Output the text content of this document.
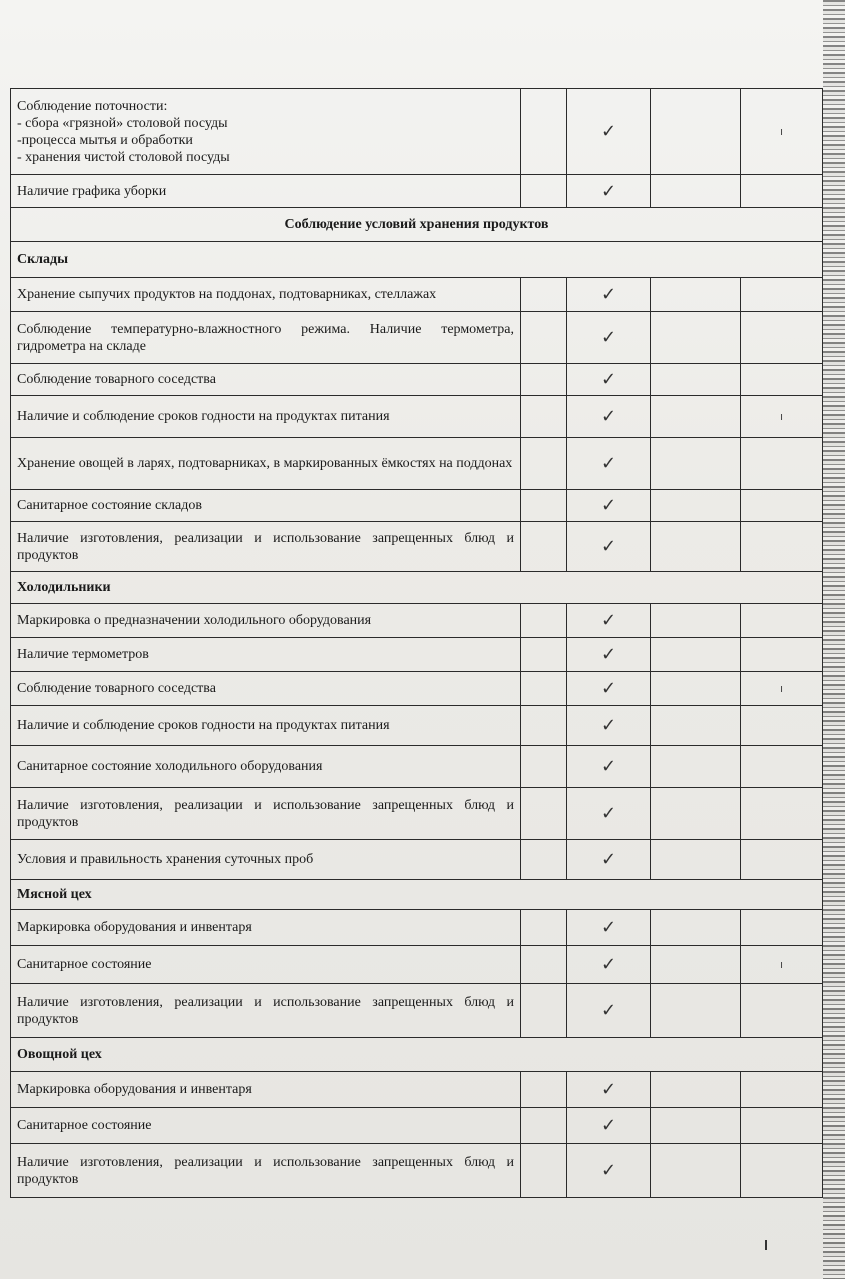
Соблюдение поточности:
- сбора «грязной» столовой посуды
-процесса мытья и обработки
- хранения чистой столовой посуды		✓		ı
Наличие графика уборки		✓		
Соблюдение условий хранения продуктов				
Склады				
Хранение сыпучих продуктов на поддонах, подтоварниках, стеллажах		✓		
Соблюдение температурно-влажностного режима. Наличие термометра, гидрометра на складе		✓		
Соблюдение товарного соседства		✓		
Наличие и соблюдение сроков годности на продуктах питания		✓		ı
Хранение овощей в ларях, подтоварниках, в маркированных ёмкостях на поддонах		✓		
Санитарное состояние складов		✓		
Наличие изготовления, реализации и использование запрещенных блюд и продуктов		✓		
Холодильники				
Маркировка о предназначении холодильного оборудования		✓		
Наличие термометров		✓		
Соблюдение товарного соседства		✓		ı
Наличие и соблюдение сроков годности на продуктах питания		✓		
Санитарное состояние холодильного оборудования		✓		
Наличие изготовления, реализации и использование запрещенных блюд и продуктов		✓		
Условия и правильность хранения суточных проб		✓		
Мясной цех				
Маркировка оборудования и инвентаря		✓		
Санитарное состояние		✓		ı
Наличие изготовления, реализации и использование запрещенных блюд и продуктов		✓		
Овощной цех				
Маркировка оборудования и инвентаря		✓		
Санитарное состояние		✓		
Наличие изготовления, реализации и использование запрещенных блюд и продуктов		✓		
